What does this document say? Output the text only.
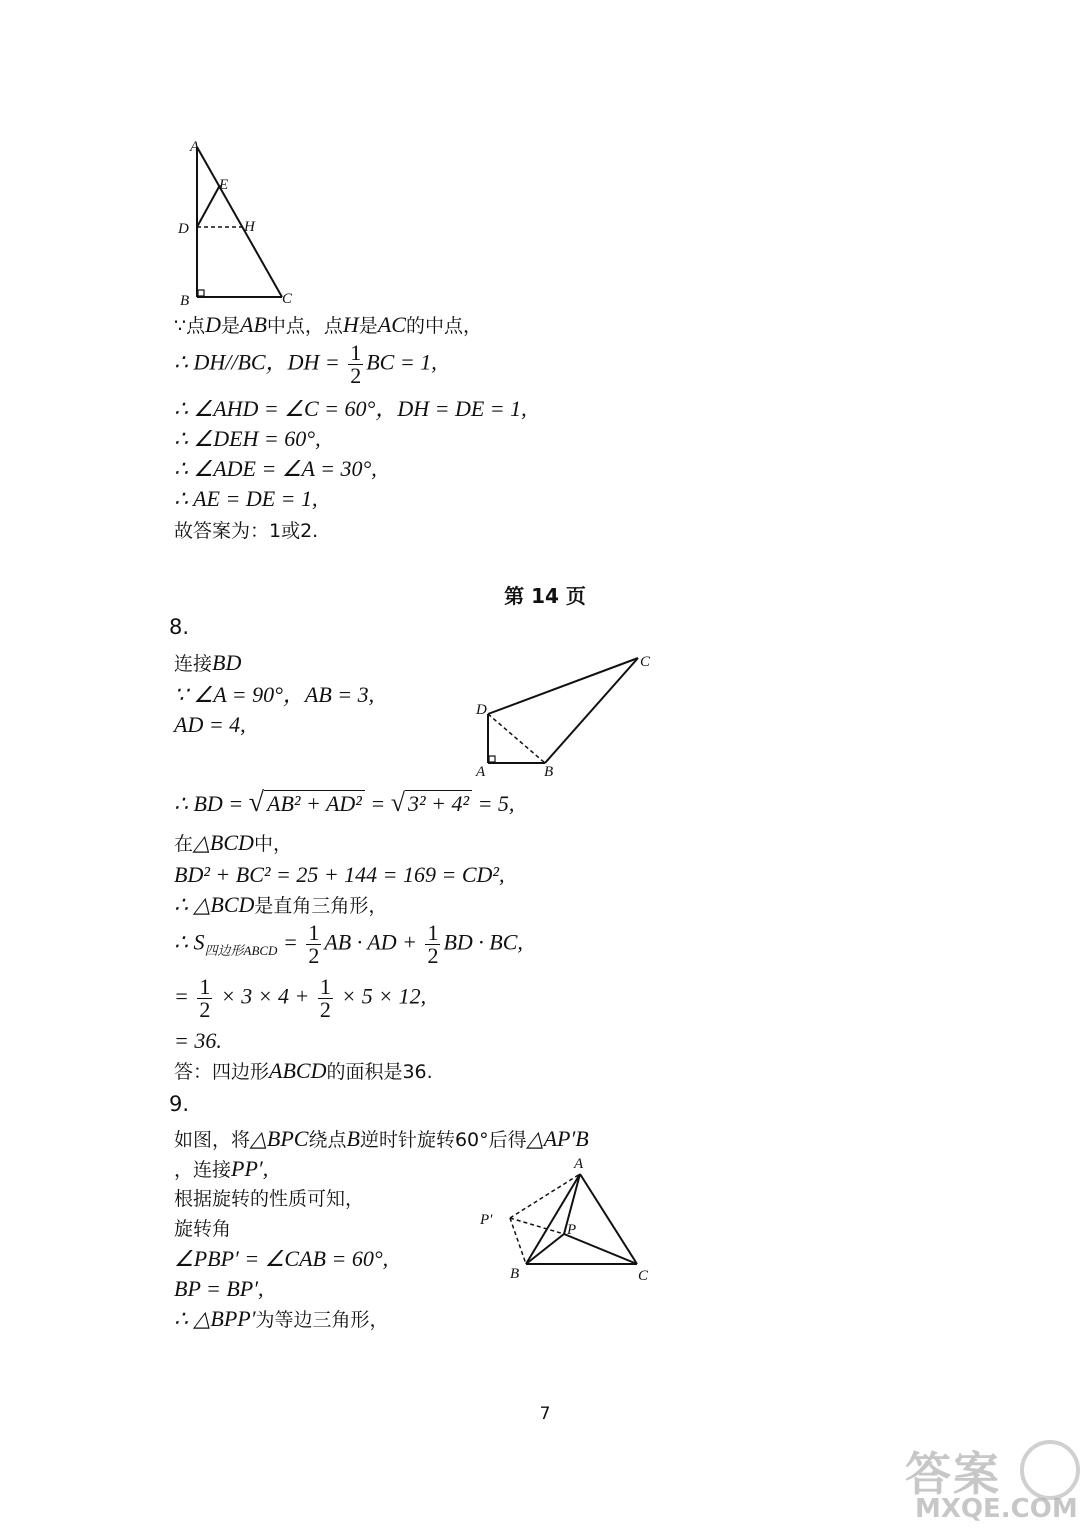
A
E
D	H
B	C
∵点D是AB中点，点H是AC的中点，
∴ DH//BC，DH = $\frac{1}{2}$ BC = 1,
∴ ∠AHD = ∠C = 60°，DH = DE = 1,
∴ ∠DEH = 60°,
∴ ∠ADE = ∠A = 30°,
∴ AE = DE = 1,
故答案为：1或2.
第 14 页
8.
连接BD
∵ ∠A = 90°，AB = 3,
AD = 4,
C
D
A	B
∴ BD = √ AB² + AD² = √ 3² + 4² = 5,
在△BCD中，
BD² + BC² = 25 + 144 = 169 = CD²,
∴ △BCD是直角三角形，
∴ $S_{四边形ABCD} = \frac{1}{2}$ AB · AD + $\frac{1}{2}$ BD · BC,
= $\frac{1}{2} \times 3 \times 4 + \frac{1}{2} \times 5 \times 12$,
= 36.
答：四边形ABCD的面积是36.
9.
如图，将△BPC绕点B逆时针旋转60°后得△AP′B
，连接PP′,
根据旋转的性质可知，
旋转角
∠PBP′ = ∠CAB = 60°,
BP = BP′,
∴ △BPP′为等边三角形，
A
P′
P
B	C
7
答案
MXQE.COM
